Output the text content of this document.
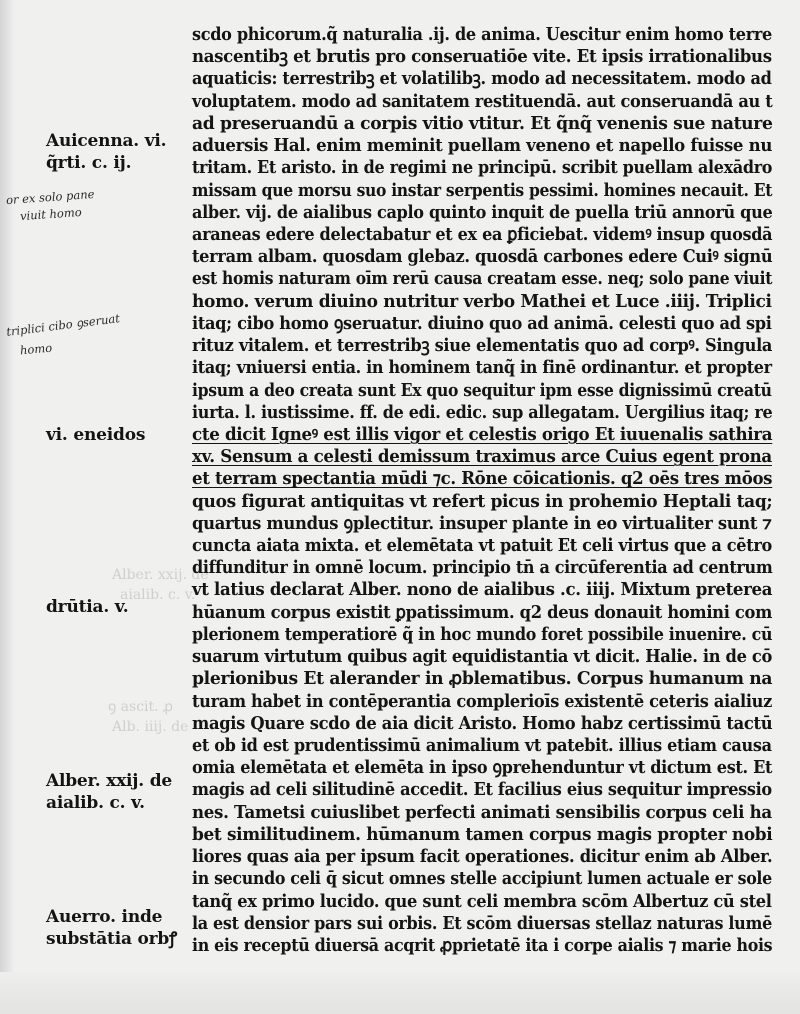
Alber. xxij. de
aialib. c. v.
ꝯ ascit. ꝓ
Alb. iiij. de
Auicenna. vi.
q̃rti. c. ij.
vi. eneidos
drūtia. v.
Alber. xxij. de
aialib. c. v.
Auerro. inde
substātia orbꝭ
or ex solo pane
viuit homo
triplici cibo ꝯseruat
homo
scdo phicorum.q̃ naturalia .ij. de anima. Uescitur enim homo terre
nascentibꝫ et brutis pro conseruatiōe vite. Et ipsis irrationalibus
aquaticis: terrestribꝫ et volatilibꝫ. modo ad necessitatem. modo ad
voluptatem. modo ad sanitatem restituendā. aut conseruandā au t
ad preseruandū a corpis vitio vtitur. Et q̃nq̃ venenis sue nature
aduersis Hal. enim meminit puellam veneno et napello fuisse nu
tritam. Et aristo. in de regimi ne principū. scribit puellam alexādro
missam que morsu suo instar serpentis pessimi. homines necauit. Et
alber. vij. de aialibus caplo quinto inquit de puella triū annorū que
araneas edere delectabatur et ex ea ꝑficiebat. videmꝰ insup quosdā
terram albam. quosdam glebaz. quosdā carbones edere Cuiꝰ signū
est homis naturam oīm rerū causa creatam esse. neq; solo pane viuit
homo. verum diuino nutritur verbo Mathei et Luce .iiij. Triplici
itaq; cibo homo ꝯseruatur. diuino quo ad animā. celesti quo ad spi
rituz vitalem. et terrestribꝫ siue elementatis quo ad corpꝰ. Singula
itaq; vniuersi entia. in hominem tanq̃ in finē ordinantur. et propter
ipsum a deo creata sunt Ex quo sequitur ipm esse dignissimū creatū
iurta. l. iustissime. ff. de edi. edic. sup allegatam. Uergilius itaq; re
cte dicit Igneꝰ est illis vigor et celestis origo Et iuuenalis sathira
xv. Sensum a celesti demissum traximus arce Cuius egent prona
et terram spectantia mūdi ⁊c. Rōne cōicationis. q2 oēs tres mōos
quos figurat antiquitas vt refert picus in prohemio Heptali taq;
quartus mundus ꝯplectitur. insuper plante in eo virtualiter sunt ⁊
cuncta aiata mixta. et elemētata vt patuit Et celi virtus que a cētro
diffunditur in omnē locum. principio tn̄ a circūferentia ad centrum
vt latius declarat Alber. nono de aialibus .c. iiij. Mixtum preterea
hūanum corpus existit ꝑpatissimum. q2 deus donauit homini com
plerionem temperatiorē q̃ in hoc mundo foret possibile inuenire. cū
suarum virtutum quibus agit equidistantia vt dicit. Halie. in de cō
plerionibus Et alerander in ꝓblematibus. Corpus humanum na
turam habet in contēperantia complerioīs existentē ceteris aialiuz
magis Quare scdo de aia dicit Aristo. Homo habz certissimū tactū
et ob id est prudentissimū animalium vt patebit. illius etiam causa
omia elemētata et elemēta in ipso ꝯprehenduntur vt dictum est. Et
magis ad celi silitudinē accedit. Et facilius eius sequitur impressio
nes. Tametsi cuiuslibet perfecti animati sensibilis corpus celi ha
bet similitudinem. hūmanum tamen corpus magis propter nobi
liores quas aia per ipsum facit operationes. dicitur enim ab Alber.
in secundo celi q̄ sicut omnes stelle accipiunt lumen actuale er sole
tanq̃ ex primo lucido. que sunt celi membra scōm Albertuz cū stel
la est densior pars sui orbis. Et scōm diuersas stellaz naturas lumē
in eis receptū diuersā acqrit ꝓprietatē ita i corpe aialis ⁊ marie hois
